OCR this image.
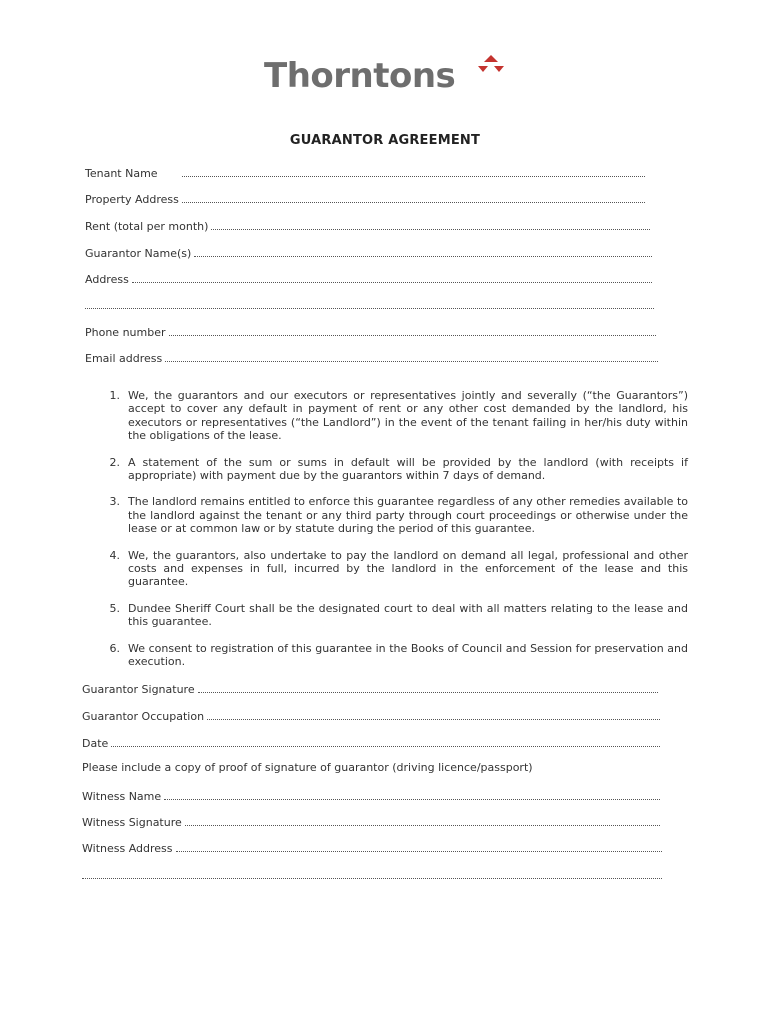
Thorntons
GUARANTOR AGREEMENT
Tenant Name
Property Address
Rent (total per month)
Guarantor Name(s)
Address
Phone number
Email address
1. We, the guarantors and our executors or representatives jointly and severally (“the Guarantors”) accept to cover any default in payment of rent or any other cost demanded by the landlord, his executors or representatives (“the Landlord”) in the event of the tenant failing in her/his duty within the obligations of the lease.
2. A statement of the sum or sums in default will be provided by the landlord (with receipts if appropriate) with payment due by the guarantors within 7 days of demand.
3. The landlord remains entitled to enforce this guarantee regardless of any other remedies available to the landlord against the tenant or any third party through court proceedings or otherwise under the lease or at common law or by statute during the period of this guarantee.
4. We, the guarantors, also undertake to pay the landlord on demand all legal, professional and other costs and expenses in full, incurred by the landlord in the enforcement of the lease and this guarantee.
5. Dundee Sheriff Court shall be the designated court to deal with all matters relating to the lease and this guarantee.
6. We consent to registration of this guarantee in the Books of Council and Session for preservation and execution.
Guarantor Signature
Guarantor Occupation
Date
Please include a copy of proof of signature of guarantor (driving licence/passport)
Witness Name
Witness Signature
Witness Address
